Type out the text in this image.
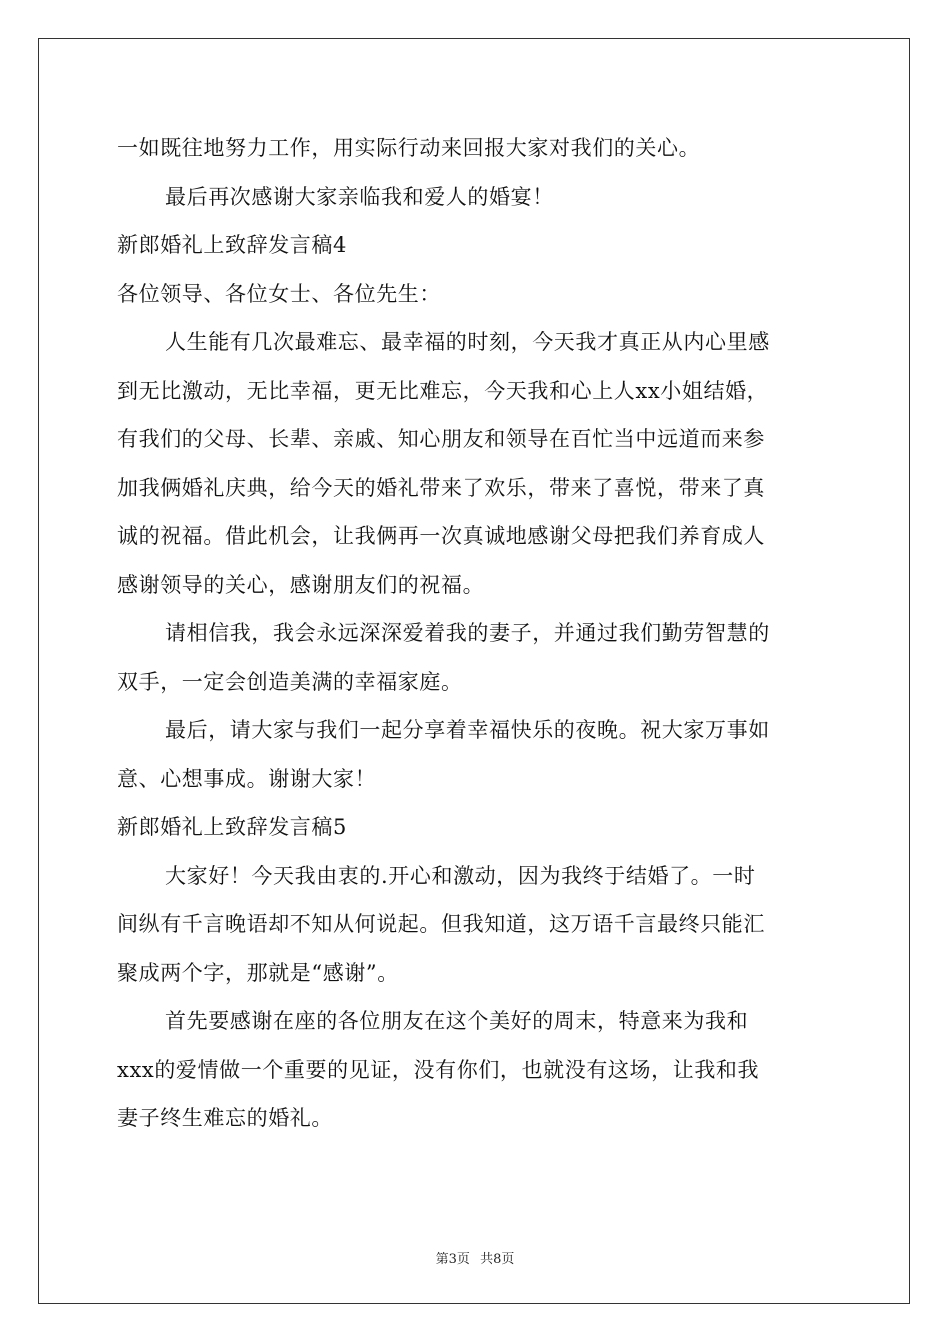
一如既往地努力工作，用实际行动来回报大家对我们的关心。
最后再次感谢大家亲临我和爱人的婚宴！
新郎婚礼上致辞发言稿4
各位领导、各位女士、各位先生：
人生能有几次最难忘、最幸福的时刻，今天我才真正从内心里感
到无比激动，无比幸福，更无比难忘，今天我和心上人xx小姐结婚，
有我们的父母、长辈、亲戚、知心朋友和领导在百忙当中远道而来参
加我俩婚礼庆典，给今天的婚礼带来了欢乐，带来了喜悦，带来了真
诚的祝福。借此机会，让我俩再一次真诚地感谢父母把我们养育成人
感谢领导的关心，感谢朋友们的祝福。
请相信我，我会永远深深爱着我的妻子，并通过我们勤劳智慧的
双手，一定会创造美满的幸福家庭。
最后，请大家与我们一起分享着幸福快乐的夜晚。祝大家万事如
意、心想事成。谢谢大家！
新郎婚礼上致辞发言稿5
大家好！今天我由衷的.开心和激动，因为我终于结婚了。一时
间纵有千言晚语却不知从何说起。但我知道，这万语千言最终只能汇
聚成两个字，那就是“感谢”。
首先要感谢在座的各位朋友在这个美好的周末，特意来为我和
xxx的爱情做一个重要的见证，没有你们，也就没有这场，让我和我
妻子终生难忘的婚礼。
第3页 共8页
